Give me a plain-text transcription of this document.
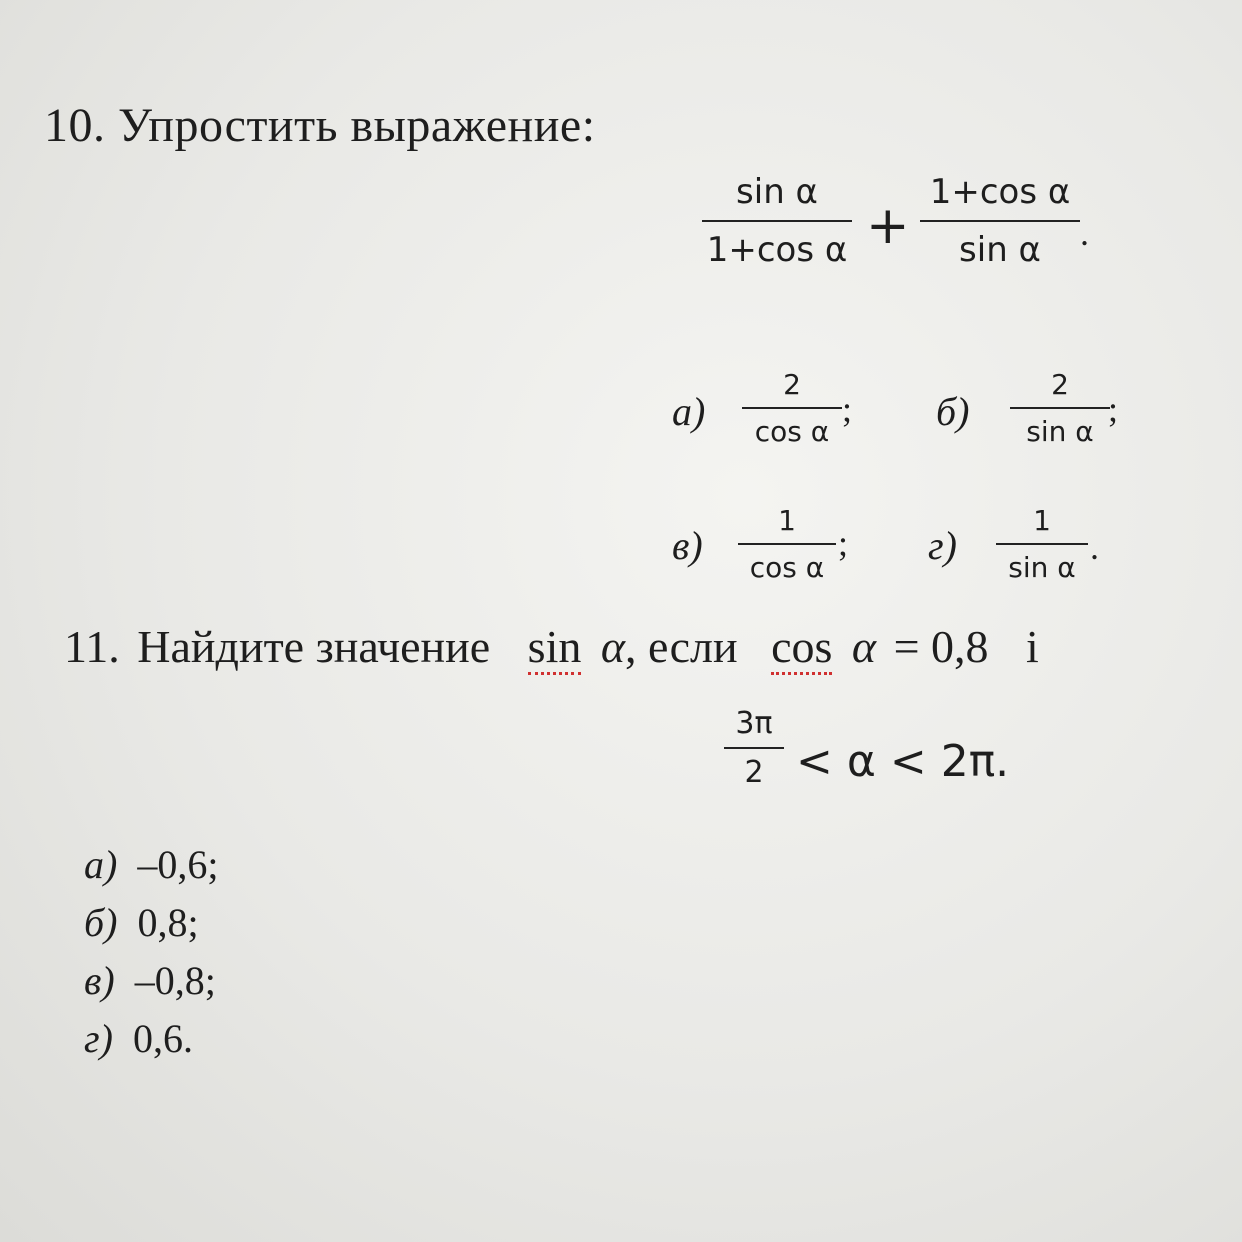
10. Упростить выражение:
sin α
1+cos α +
1+cos α
sin α .
а)
2
cos α
; б)
2
sin α
;
в)
1
cos α
; г)
1
sin α
.
11. Найдите значение sin α, если cos α = 0,8 i
3π
2 < α < 2π.
а) –0,6;
б) 0,8;
в) –0,8;
г) 0,6.
